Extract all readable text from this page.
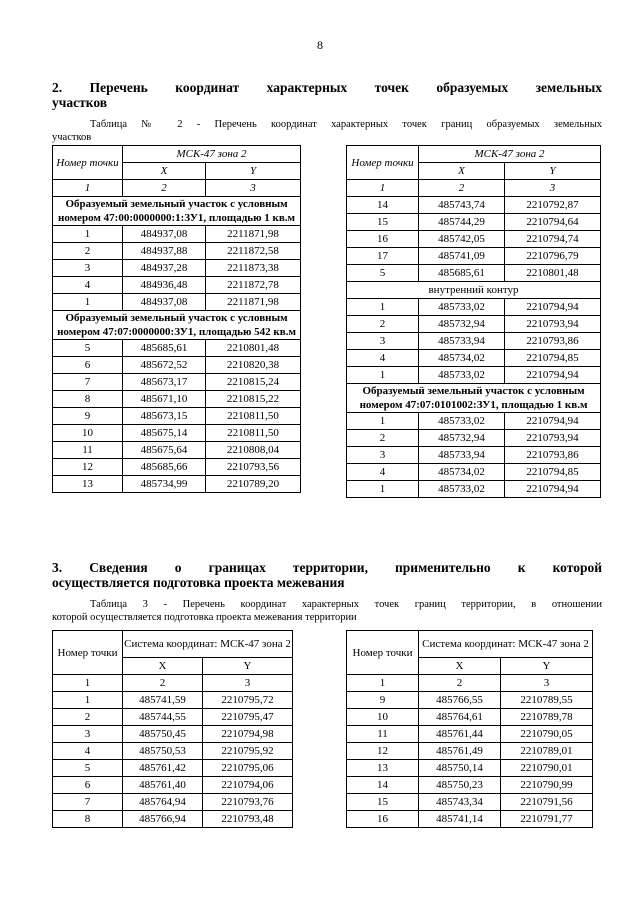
8
2. Перечень координат характерных точек образуемых земельных
участков
Таблица № 2 - Перечень координат характерных точек границ образуемых земельных
участков
Номер точки	МСК-47 зона 2	
	X	Y
1	2	3
Образуемый земельный участок с условным номером 47:00:0000000:1:ЗУ1, площадью 1 кв.м		
1	484937,08	2211871,98
2	484937,88	2211872,58
3	484937,28	2211873,38
4	484936,48	2211872,78
1	484937,08	2211871,98
Образуемый земельный участок с условным номером 47:07:0000000:ЗУ1, площадью 542 кв.м		
5	485685,61	2210801,48
6	485672,52	2210820,38
7	485673,17	2210815,24
8	485671,10	2210815,22
9	485673,15	2210811,50
10	485675,14	2210811,50
11	485675,64	2210808,04
12	485685,66	2210793,56
13	485734,99	2210789,20
Номер точки	МСК-47 зона 2	
	X	Y
1	2	3
14	485743,74	2210792,87
15	485744,29	2210794,64
16	485742,05	2210794,74
17	485741,09	2210796,79
5	485685,61	2210801,48
внутренний контур		
1	485733,02	2210794,94
2	485732,94	2210793,94
3	485733,94	2210793,86
4	485734,02	2210794,85
1	485733,02	2210794,94
Образуемый земельный участок с условным номером 47:07:0101002:ЗУ1, площадью 1 кв.м		
1	485733,02	2210794,94
2	485732,94	2210793,94
3	485733,94	2210793,86
4	485734,02	2210794,85
1	485733,02	2210794,94
3. Сведения о границах территории, применительно к которой
осуществляется подготовка проекта межевания
Таблица 3 - Перечень координат характерных точек границ территории, в отношении
которой осуществляется подготовка проекта межевания территории
Номер точки	Система координат: МСК-47 зона 2	
	X	Y
1	2	3
1	485741,59	2210795,72
2	485744,55	2210795,47
3	485750,45	2210794,98
4	485750,53	2210795,92
5	485761,42	2210795,06
6	485761,40	2210794,06
7	485764,94	2210793,76
8	485766,94	2210793,48
Номер точки	Система координат: МСК-47 зона 2	
	X	Y
1	2	3
9	485766,55	2210789,55
10	485764,61	2210789,78
11	485761,44	2210790,05
12	485761,49	2210789,01
13	485750,14	2210790,01
14	485750,23	2210790,99
15	485743,34	2210791,56
16	485741,14	2210791,77
